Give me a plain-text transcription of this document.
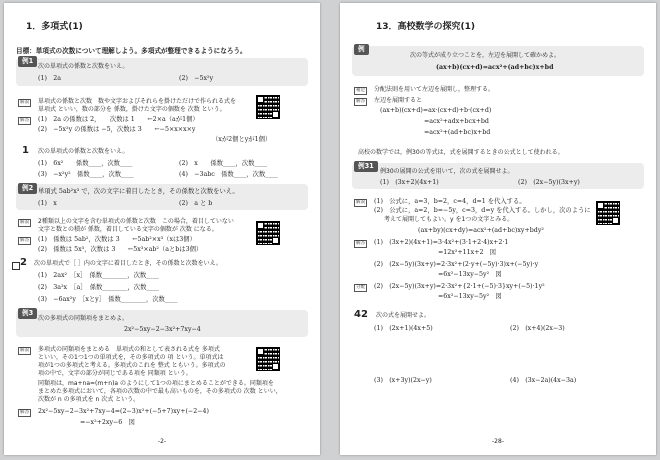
1．多項式(1)
目標：単項式の次数について理解しよう。多項式が整理できるようになろう。
例1
次の単項式の係数と次数をいえ。
(1)　2a	(2)　−5x²y
解説	単項式の係数と次数　数や文字およびそれらを掛けただけで作られる式を
単項式 といい，数の部分を 係数，掛けた文字の個数を 次数 という。
解答	(1)　2a の係数は 2，　　次数は 1　　←2×a（aが1個）
(2)　−5x²y の係数は −5，次数は 3　　←−5×x×x×y
（xが2個とyが1個）
1 次の単項式の係数と次数をいえ。
(1)　6x²　　係数____，次数____	(2)　x　　係数____，次数____
(3)　−x²y²　係数____，次数____	(4)　−3abc　係数____，次数____
例2 単項式 5ab²x³ で，次の文字に着目したとき，その係数と次数をいえ。
(1)　x	(2)　a と b
解説	2種類以上の文字を含む単項式の係数と次数　この場合，着目していない
文字と数との積が 係数，着目している文字の個数が 次数 になる。
解答	(1)　係数は 5ab²，次数は 3　　←5ab²×x³（xは3個）
(2)　係数は 5x³，次数は 3　　←5x³×ab²（aとbは3個）
2 次の単項式で［ ］内の文字に着目したとき，その係数と次数をいえ。
(1)　2ax²　［x］　係数________，次数____
(2)　3a²x　［a］　係数________，次数____
(3)　−6ax²y　［xとy］　係数________，次数____
例3
次の多項式の同類項をまとめよ。
2x²−5xy−2−3x²+7xy−4
解説	多項式の同類項をまとめる　単項式の和として表される式を 多項式
といい，その1つ1つの単項式を，その多項式の 項 という。単項式は
項が1つの多項式と考える。多項式のこれを 整式 ともいう。多項式の
項の中で，文字の部分が同じである項を 同類項 という。
同類項は，ma+na=(m+n)a のようにして1つの項にまとめることができる。同類項を
まとめた多項式において，各項の次数の中で最も高いものを，その多項式の 次数 といい，
次数が n の多項式を n 次式 という。
解答	2x²−5xy−2−3x²+7xy−4=(2−3)x²+(−5+7)xy+(−2−4)
=−x²+2xy−6　図
-2-
13．高校数学の探究(1)
例
次の等式が成り立つことを，左辺を展開して確かめよ。
(ax+b)(cx+d)=acx²+(ad+bc)x+bd
補足	分配法則を用いて左辺を展開し，整理する。
解答	左辺を展開すると
(ax+b)(cx+d)=ax·(cx+d)+b·(cx+d)
=acx²+adx+bcx+bd
=acx²+(ad+bc)x+bd
高校の数学では，例30の等式は，式を展開するときの公式として使われる。
例31
例30の展開の公式を用いて，次の式を展開せよ。
(1)　(3x+2)(4x+1)	(2)　(2x−5y)(3x+y)
解説	(1)　公式に，a=3，b=2，c=4，d=1 を代入する。
(2)　公式に，a=2，b=−5y，c=3，d=y を代入する。しかし，次のように
考えて展開してもよい。y を1つの文字とみる。
(ax+by)(cx+dy)=acx²+(ad+bc)xy+bdy²
解答	(1)　(3x+2)(4x+1)=3·4x²+(3·1+2·4)x+2·1
=12x²+11x+2　図
(2)　(2x−5y)(3x+y)=2·3x²+(2·y+(−5y)·3)x+(−5y)·y
=6x²−13xy−5y²　図
分配	(2)　(2x−5y)(3x+y)=2·3x²+{2·1+(−5)·3}xy+(−5)·1y²
=6x²−13xy−5y²　図
42 次の式を展開せよ。
(1)　(2x+1)(4x+5)	(2)　(x+4)(2x−3)
(3)　(x+3y)(2x−y)	(4)　(3x−2a)(4x−3a)
-28-
